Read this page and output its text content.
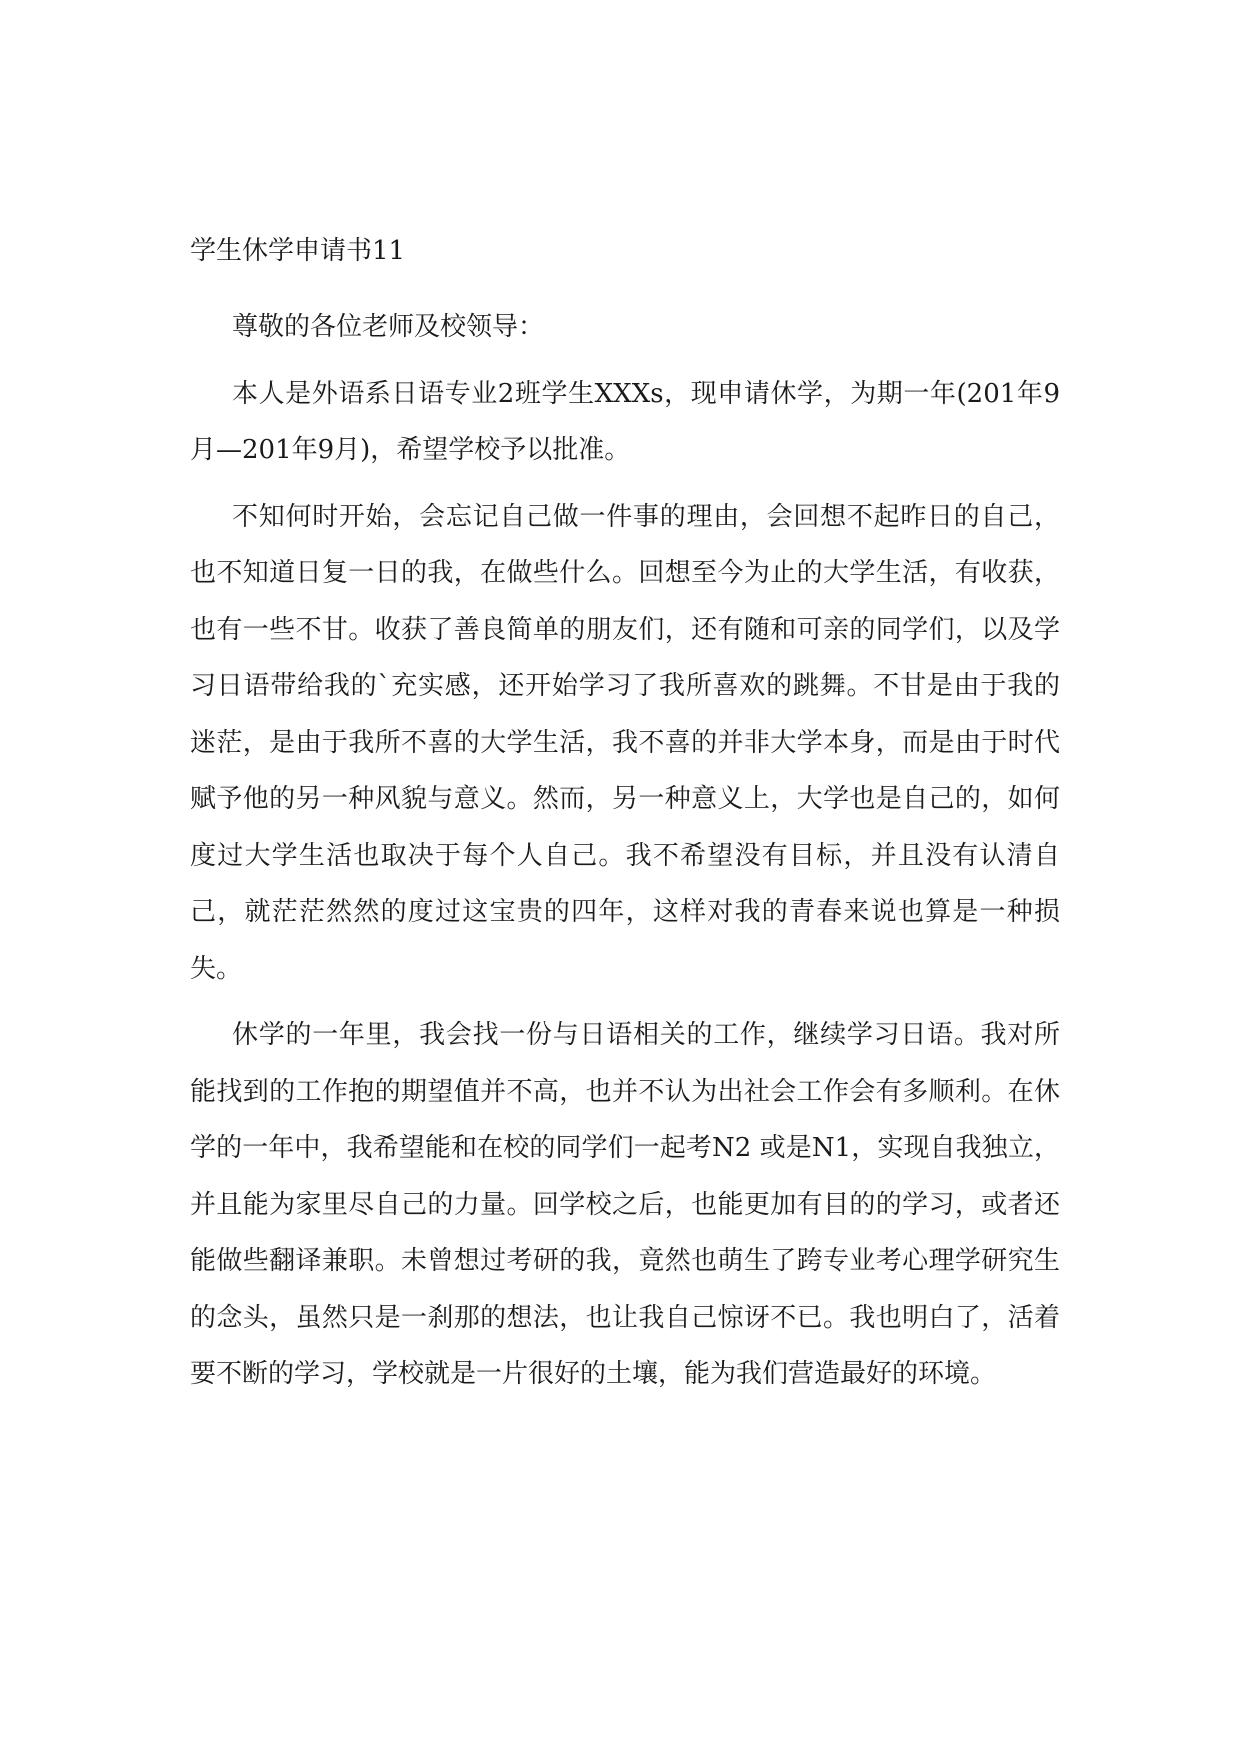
学生休学申请书11

尊敬的各位老师及校领导：

本人是外语系日语专业2班学生XXXs，现申请休学，为期一年(201年9月—201年9月)，希望学校予以批准。

不知何时开始，会忘记自己做一件事的理由，会回想不起昨日的自己，也不知道日复一日的我，在做些什么。回想至今为止的大学生活，有收获，也有一些不甘。收获了善良简单的朋友们，还有随和可亲的同学们，以及学习日语带给我的`充实感，还开始学习了我所喜欢的跳舞。不甘是由于我的迷茫，是由于我所不喜的大学生活，我不喜的并非大学本身，而是由于时代赋予他的另一种风貌与意义。然而，另一种意义上，大学也是自己的，如何度过大学生活也取决于每个人自己。我不希望没有目标，并且没有认清自己，就茫茫然然的度过这宝贵的四年，这样对我的青春来说也算是一种损失。

休学的一年里，我会找一份与日语相关的工作，继续学习日语。我对所能找到的工作抱的期望值并不高，也并不认为出社会工作会有多顺利。在休学的一年中，我希望能和在校的同学们一起考N2 或是N1，实现自我独立，并且能为家里尽自己的力量。回学校之后，也能更加有目的的学习，或者还能做些翻译兼职。未曾想过考研的我，竟然也萌生了跨专业考心理学研究生的念头，虽然只是一刹那的想法，也让我自己惊讶不已。我也明白了，活着要不断的学习，学校就是一片很好的土壤，能为我们营造最好的环境。
